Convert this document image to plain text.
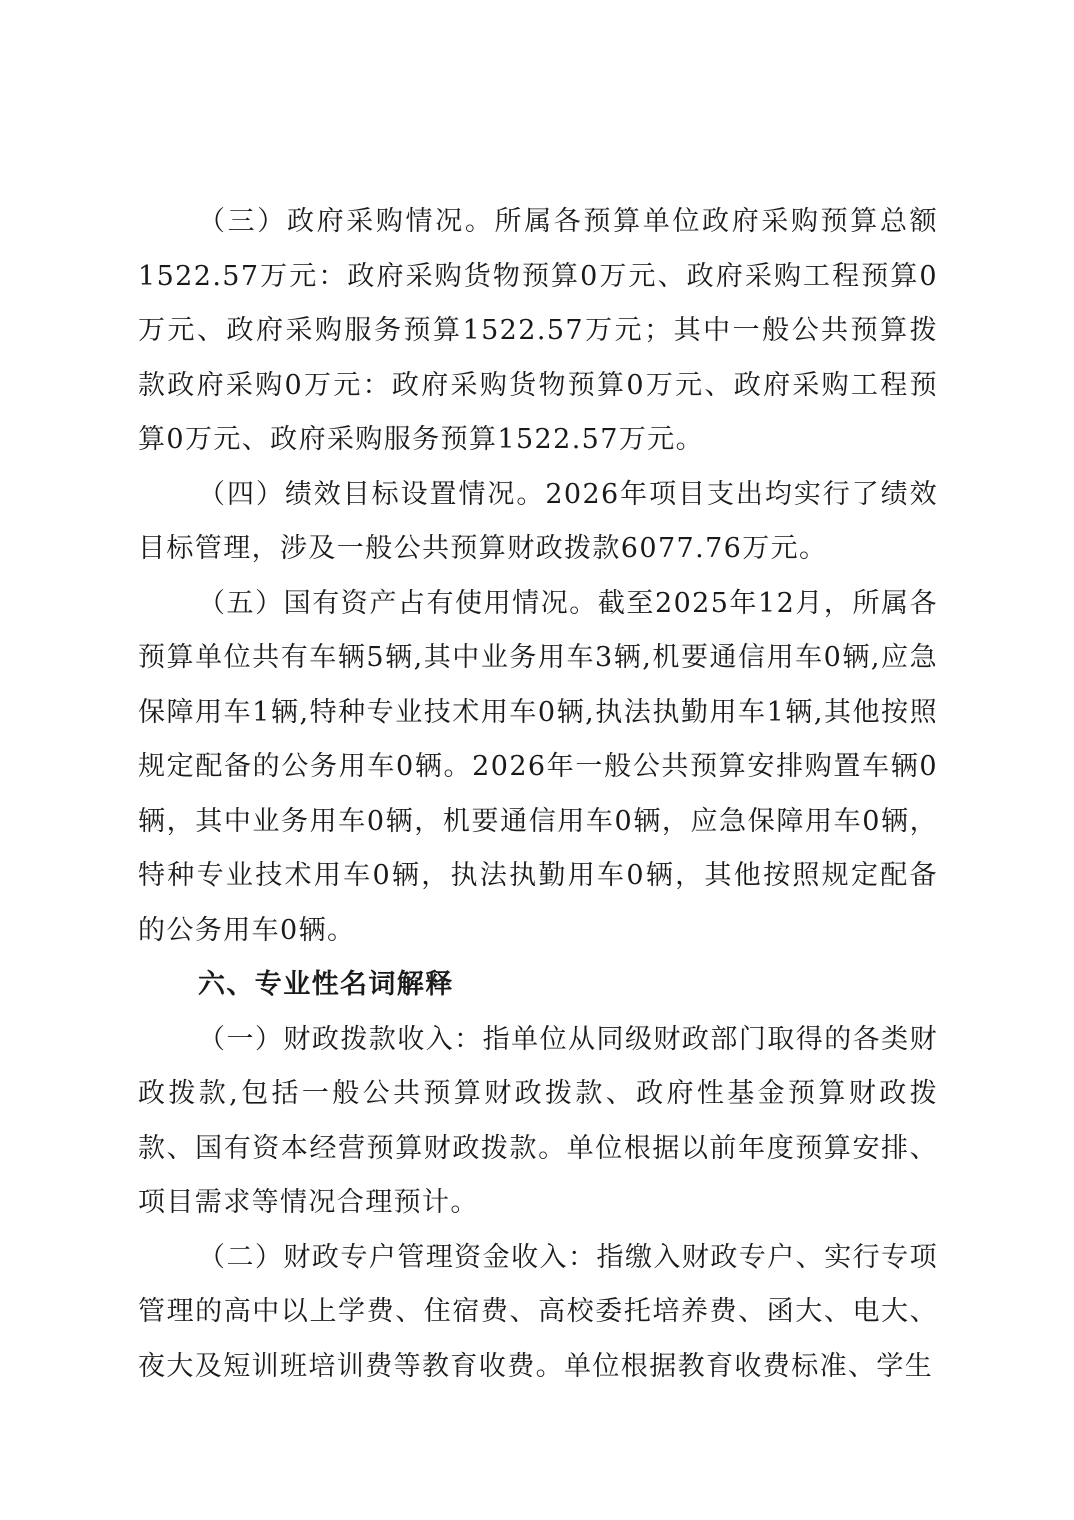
（三）政府采购情况。所属各预算单位政府采购预算总额1522.57万元：政府采购货物预算0万元、政府采购工程预算0万元、政府采购服务预算1522.57万元；其中一般公共预算拨款政府采购0万元：政府采购货物预算0万元、政府采购工程预算0万元、政府采购服务预算1522.57万元。

（四）绩效目标设置情况。2026年项目支出均实行了绩效目标管理，涉及一般公共预算财政拨款6077.76万元。

（五）国有资产占有使用情况。截至2025年12月，所属各预算单位共有车辆5辆,其中业务用车3辆,机要通信用车0辆,应急保障用车1辆,特种专业技术用车0辆,执法执勤用车1辆,其他按照规定配备的公务用车0辆。2026年一般公共预算安排购置车辆0辆，其中业务用车0辆，机要通信用车0辆，应急保障用车0辆，特种专业技术用车0辆，执法执勤用车0辆，其他按照规定配备的公务用车0辆。

六、专业性名词解释

（一）财政拨款收入：指单位从同级财政部门取得的各类财政拨款,包括一般公共预算财政拨款、政府性基金预算财政拨款、国有资本经营预算财政拨款。单位根据以前年度预算安排、项目需求等情况合理预计。

（二）财政专户管理资金收入：指缴入财政专户、实行专项管理的高中以上学费、住宿费、高校委托培养费、函大、电大、夜大及短训班培训费等教育收费。单位根据教育收费标准、学生
